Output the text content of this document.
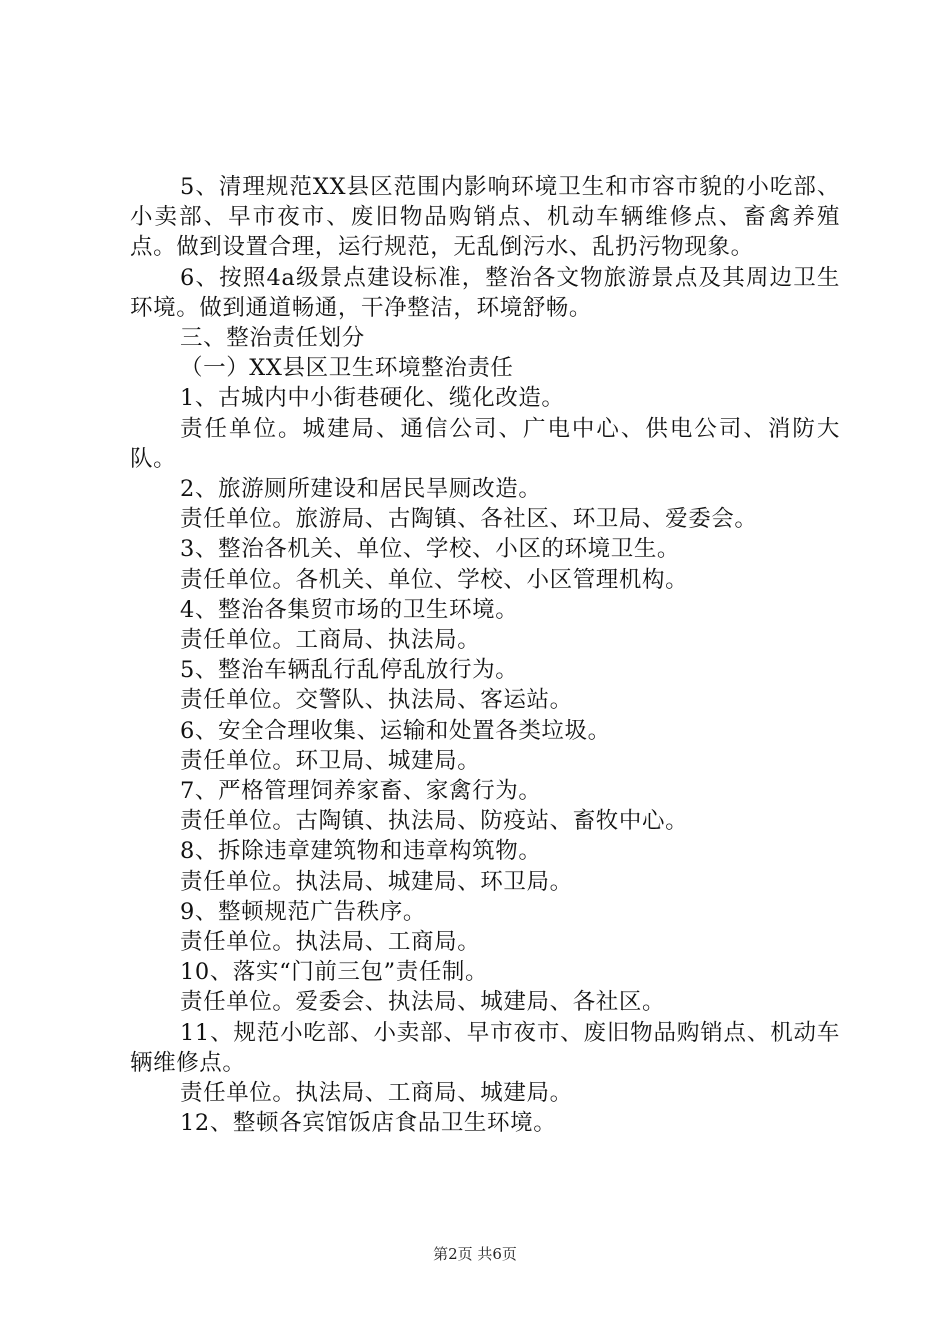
5、清理规范XX县区范围内影响环境卫生和市容市貌的小吃部、小卖部、早市夜市、废旧物品购销点、机动车辆维修点、畜禽养殖点。做到设置合理，运行规范，无乱倒污水、乱扔污物现象。

6、按照4a级景点建设标准，整治各文物旅游景点及其周边卫生环境。做到通道畅通，干净整洁，环境舒畅。

三、整治责任划分

（一）XX县区卫生环境整治责任

1、古城内中小街巷硬化、缆化改造。

责任单位。城建局、通信公司、广电中心、供电公司、消防大队。

2、旅游厕所建设和居民旱厕改造。

责任单位。旅游局、古陶镇、各社区、环卫局、爱委会。

3、整治各机关、单位、学校、小区的环境卫生。

责任单位。各机关、单位、学校、小区管理机构。

4、整治各集贸市场的卫生环境。

责任单位。工商局、执法局。

5、整治车辆乱行乱停乱放行为。

责任单位。交警队、执法局、客运站。

6、安全合理收集、运输和处置各类垃圾。

责任单位。环卫局、城建局。

7、严格管理饲养家畜、家禽行为。

责任单位。古陶镇、执法局、防疫站、畜牧中心。

8、拆除违章建筑物和违章构筑物。

责任单位。执法局、城建局、环卫局。

9、整顿规范广告秩序。

责任单位。执法局、工商局。

10、落实“门前三包”责任制。

责任单位。爱委会、执法局、城建局、各社区。

11、规范小吃部、小卖部、早市夜市、废旧物品购销点、机动车辆维修点。

责任单位。执法局、工商局、城建局。

12、整顿各宾馆饭店食品卫生环境。

第2页 共6页
